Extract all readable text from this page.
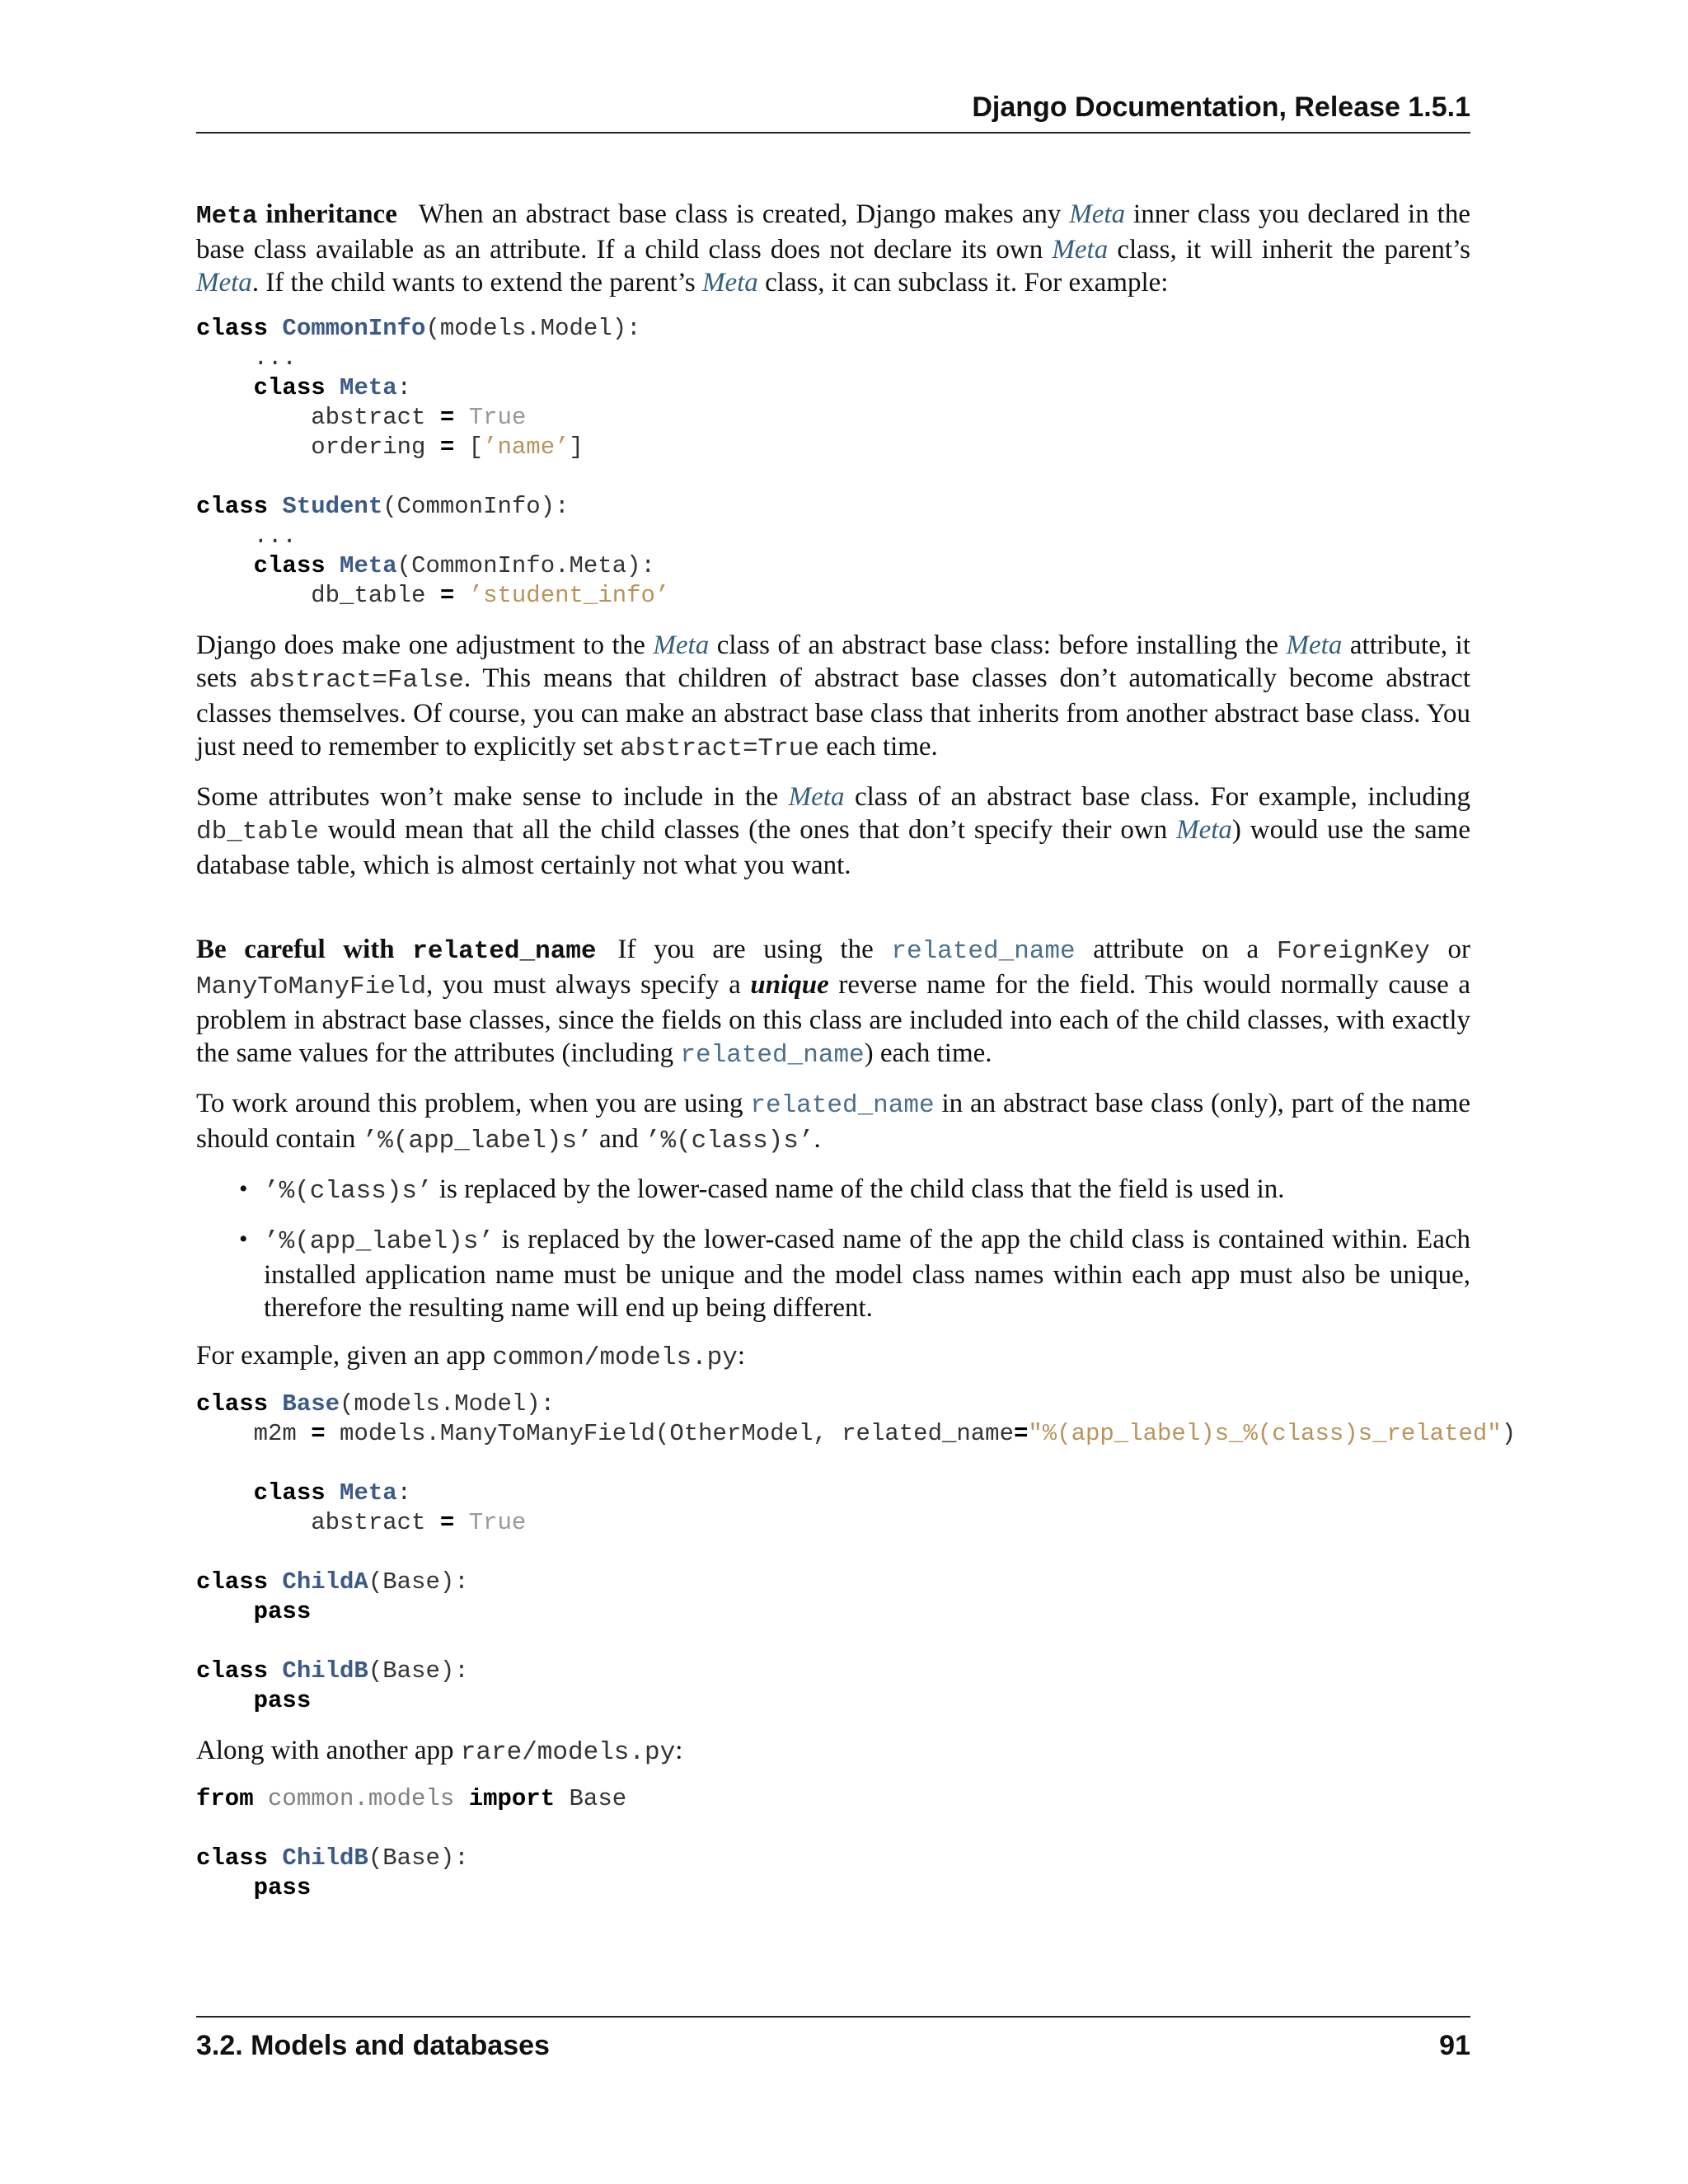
Django Documentation, Release 1.5.1

Meta inheritance When an abstract base class is created, Django makes any Meta inner class you declared in the base class available as an attribute. If a child class does not declare its own Meta class, it will inherit the parent’s Meta. If the child wants to extend the parent’s Meta class, it can subclass it. For example:

class CommonInfo(models.Model):
...
class Meta:
abstract = True
ordering = [’name’]

class Student(CommonInfo):
...
class Meta(CommonInfo.Meta):
db_table = ’student_info’

Django does make one adjustment to the Meta class of an abstract base class: before installing the Meta attribute, it sets abstract=False. This means that children of abstract base classes don’t automatically become abstract classes themselves. Of course, you can make an abstract base class that inherits from another abstract base class. You just need to remember to explicitly set abstract=True each time.

Some attributes won’t make sense to include in the Meta class of an abstract base class. For example, including db_table would mean that all the child classes (the ones that don’t specify their own Meta) would use the same database table, which is almost certainly not what you want.

Be careful with related_name If you are using the related_name attribute on a ForeignKey or ManyToManyField, you must always specify a unique reverse name for the field. This would normally cause a problem in abstract base classes, since the fields on this class are included into each of the child classes, with exactly the same values for the attributes (including related_name) each time.

To work around this problem, when you are using related_name in an abstract base class (only), part of the name should contain ’%(app_label)s’ and ’%(class)s’.

• ’%(class)s’ is replaced by the lower-cased name of the child class that the field is used in.
• ’%(app_label)s’ is replaced by the lower-cased name of the app the child class is contained within. Each installed application name must be unique and the model class names within each app must also be unique, therefore the resulting name will end up being different.

For example, given an app common/models.py:

class Base(models.Model):
m2m = models.ManyToManyField(OtherModel, related_name="%(app_label)s_%(class)s_related")

class Meta:
abstract = True

class ChildA(Base):
pass

class ChildB(Base):
pass

Along with another app rare/models.py:

from common.models import Base

class ChildB(Base):
pass
3.2. Models and databases	91
